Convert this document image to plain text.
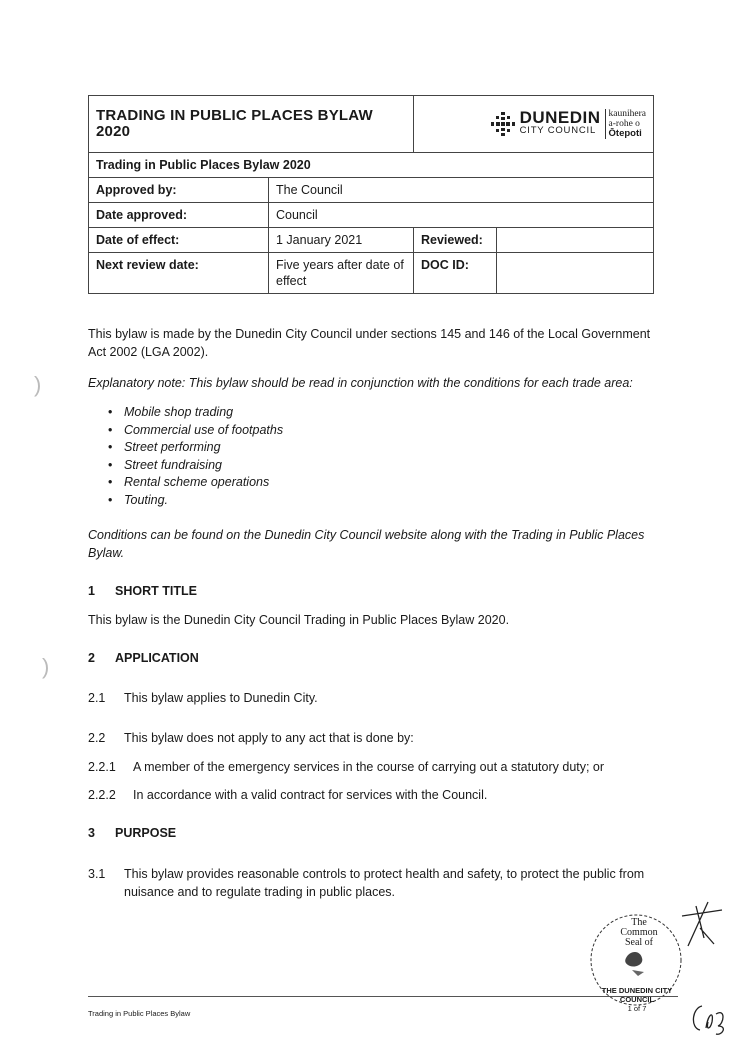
TRADING IN PUBLIC PLACES BYLAW 2020		DUNEDIN
CITY COUNCIL
kaunihera
a-rohe o
Ōtepoti	

Trading in Public Places Bylaw 2020			
Approved by:	The Council		
Date approved:	Council		
Date of effect:	1 January 2021	Reviewed:	
Next review date:	Five years after date of effect	DOC ID:	

This bylaw is made by the Dunedin City Council under sections 145 and 146 of the Local Government Act 2002 (LGA 2002).

Explanatory note: This bylaw should be read in conjunction with the conditions for each trade area:

• Mobile shop trading
• Commercial use of footpaths
• Street performing
• Street fundraising
• Rental scheme operations
• Touting.

Conditions can be found on the Dunedin City Council website along with the Trading in Public Places Bylaw.

1 SHORT TITLE

This bylaw is the Dunedin City Council Trading in Public Places Bylaw 2020.

2 APPLICATION
2.1 This bylaw applies to Dunedin City.
2.2 This bylaw does not apply to any act that is done by:
2.2.1 A member of the emergency services in the course of carrying out a statutory duty; or
2.2.2 In accordance with a valid contract for services with the Council.
3 PURPOSE
3.1 This bylaw provides reasonable controls to protect health and safety, to protect the public from nuisance and to regulate trading in public places.
)
)
The
Common
Seal of
THE DUNEDIN CITY
COUNCIL
1 of 7
Trading in Public Places Bylaw
